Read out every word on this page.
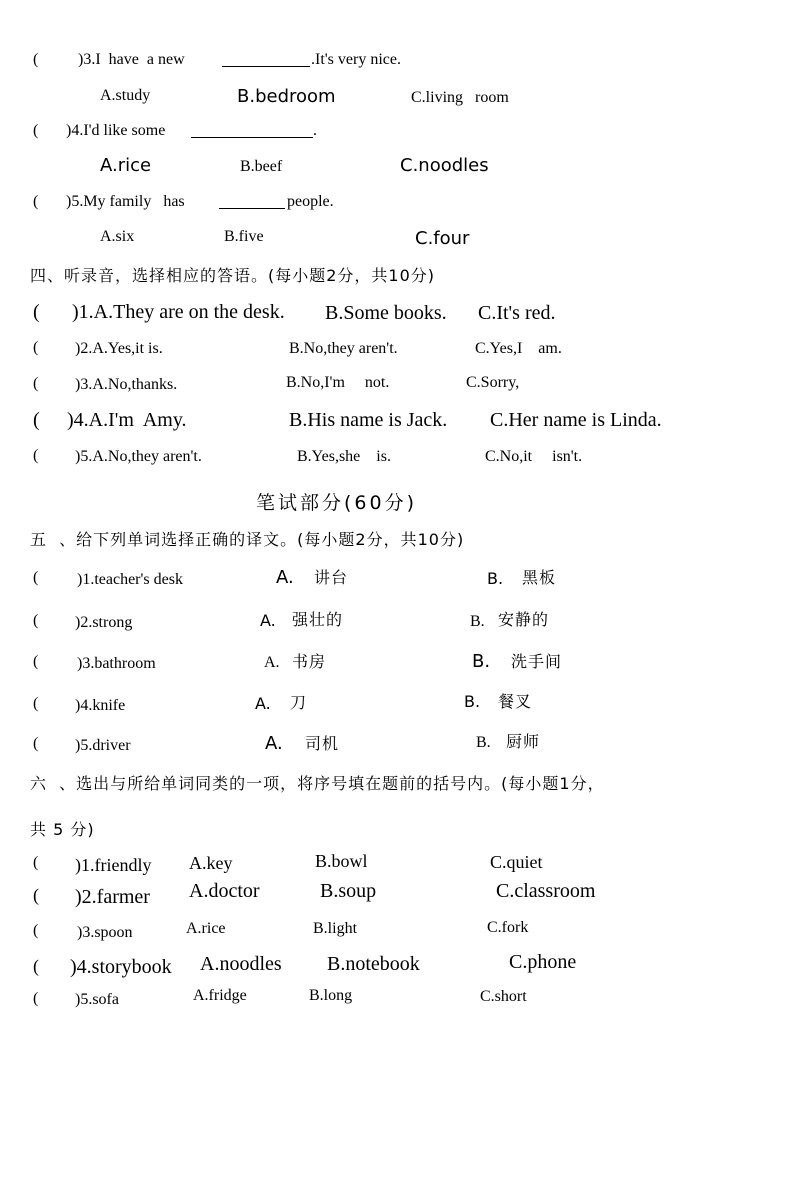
( )3.I  have  a new	.It's very nice.
A.study	B.bedroom	C.living   room
( )4.I'd like some	.
A.rice	B.beef	C.noodles
( )5.My family   has	people.
A.six	B.five	C.four
四、听录音，选择相应的答语。(每小题2分，共10分)
( )1.A.They are on the desk. B.Some books. C.It's red.
( )2.A.Yes,it is.	B.No,they aren't.	C.Yes,I    am.
( )3.A.No,thanks.	B.No,I'm     not.	C.Sorry,
( )4.A.I'm  Amy.	B.His name is Jack. C.Her name is Linda.
( )5.A.No,they aren't.	B.Yes,she    is.	C.No,it     isn't.
笔试部分(60分)
五  、给下列单词选择正确的译文。(每小题2分，共10分)
( )1.teacher's desk	A. 讲台	B. 黑板
( )2.strong	A. 强壮的	B. 安静的
( )3.bathroom	A. 书房	B. 洗手间
( )4.knife	A. 刀	B. 餐叉
( )5.driver	A. 司机	B. 厨师
六  、选出与所给单词同类的一项，将序号填在题前的括号内。(每小题1分，
共 5 分)
( )1.friendly A.key	B.bowl	C.quiet
( )2.farmer A.doctor	B.soup	C.classroom
( )3.spoon	A.rice	B.light	C.fork
( )4.storybook A.noodles B.notebook	C.phone
( )5.sofa	A.fridge	B.long	C.short
